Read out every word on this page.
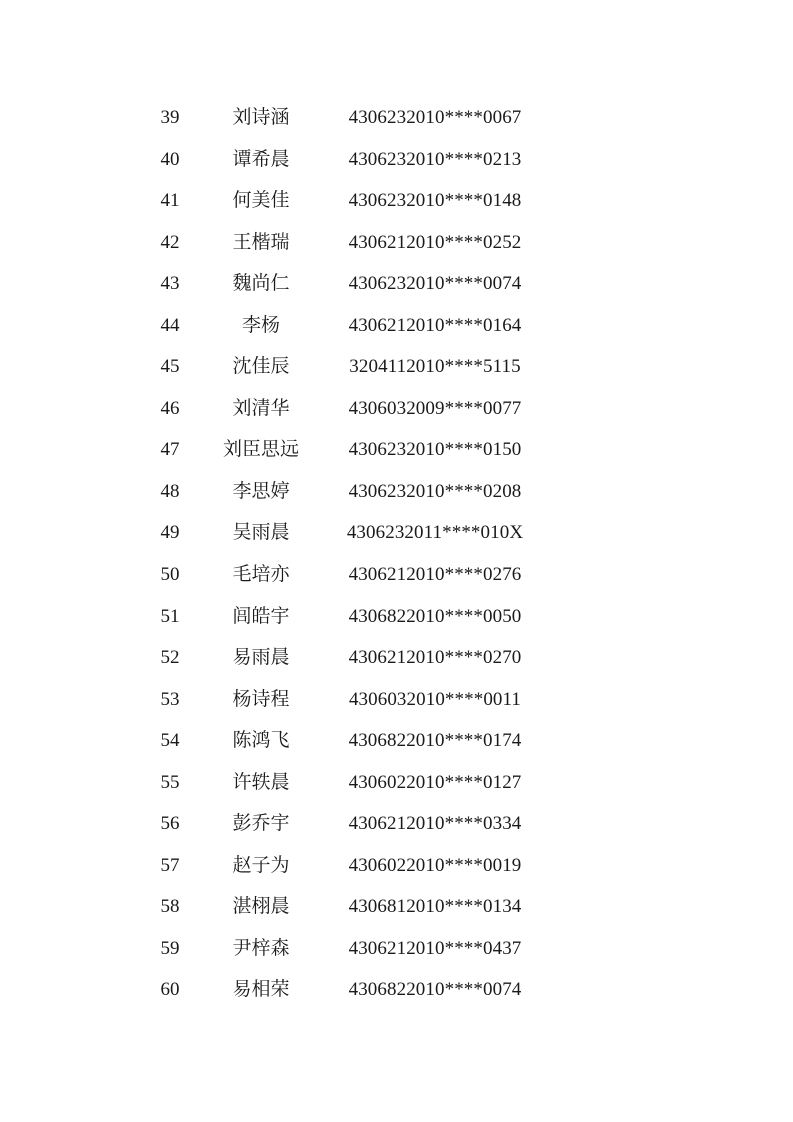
39	刘诗涵	4306232010****0067
40	谭希晨	4306232010****0213
41	何美佳	4306232010****0148
42	王楷瑞	4306212010****0252
43	魏尚仁	4306232010****0074
44	李杨	4306212010****0164
45	沈佳辰	3204112010****5115
46	刘清华	4306032009****0077
47	刘臣思远	4306232010****0150
48	李思婷	4306232010****0208
49	吴雨晨	4306232011****010X
50	毛培亦	4306212010****0276
51	闾皓宇	4306822010****0050
52	易雨晨	4306212010****0270
53	杨诗程	4306032010****0011
54	陈鸿飞	4306822010****0174
55	许轶晨	4306022010****0127
56	彭乔宇	4306212010****0334
57	赵子为	4306022010****0019
58	湛栩晨	4306812010****0134
59	尹梓森	4306212010****0437
60	易相荣	4306822010****0074
